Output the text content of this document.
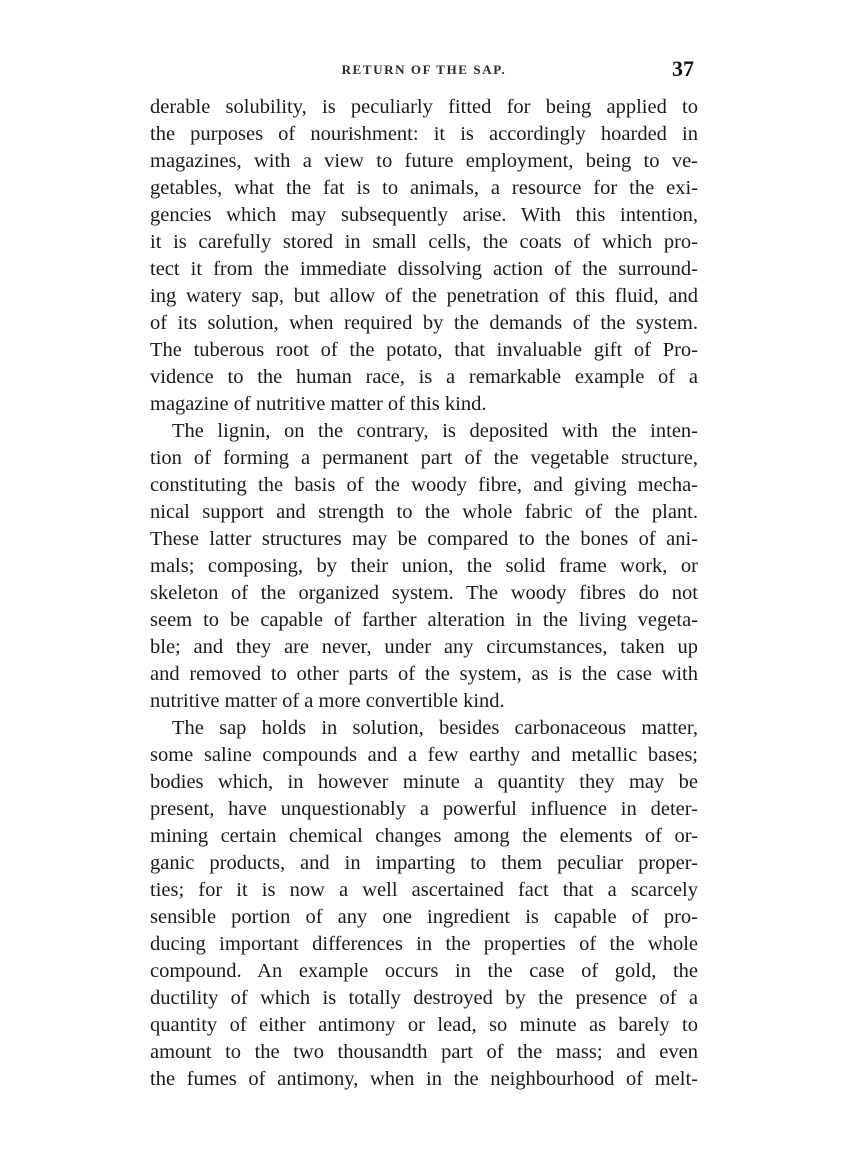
RETURN OF THE SAP.	37
derable solubility, is peculiarly fitted for being applied to
the purposes of nourishment: it is accordingly hoarded in
magazines, with a view to future employment, being to ve-
getables, what the fat is to animals, a resource for the exi-
gencies which may subsequently arise. With this intention,
it is carefully stored in small cells, the coats of which pro-
tect it from the immediate dissolving action of the surround-
ing watery sap, but allow of the penetration of this fluid, and
of its solution, when required by the demands of the system.
The tuberous root of the potato, that invaluable gift of Pro-
vidence to the human race, is a remarkable example of a
magazine of nutritive matter of this kind.
The lignin, on the contrary, is deposited with the inten-
tion of forming a permanent part of the vegetable structure,
constituting the basis of the woody fibre, and giving mecha-
nical support and strength to the whole fabric of the plant.
These latter structures may be compared to the bones of ani-
mals; composing, by their union, the solid frame work, or
skeleton of the organized system. The woody fibres do not
seem to be capable of farther alteration in the living vegeta-
ble; and they are never, under any circumstances, taken up
and removed to other parts of the system, as is the case with
nutritive matter of a more convertible kind.
The sap holds in solution, besides carbonaceous matter,
some saline compounds and a few earthy and metallic bases;
bodies which, in however minute a quantity they may be
present, have unquestionably a powerful influence in deter-
mining certain chemical changes among the elements of or-
ganic products, and in imparting to them peculiar proper-
ties; for it is now a well ascertained fact that a scarcely
sensible portion of any one ingredient is capable of pro-
ducing important differences in the properties of the whole
compound. An example occurs in the case of gold, the
ductility of which is totally destroyed by the presence of a
quantity of either antimony or lead, so minute as barely to
amount to the two thousandth part of the mass; and even
the fumes of antimony, when in the neighbourhood of melt-
